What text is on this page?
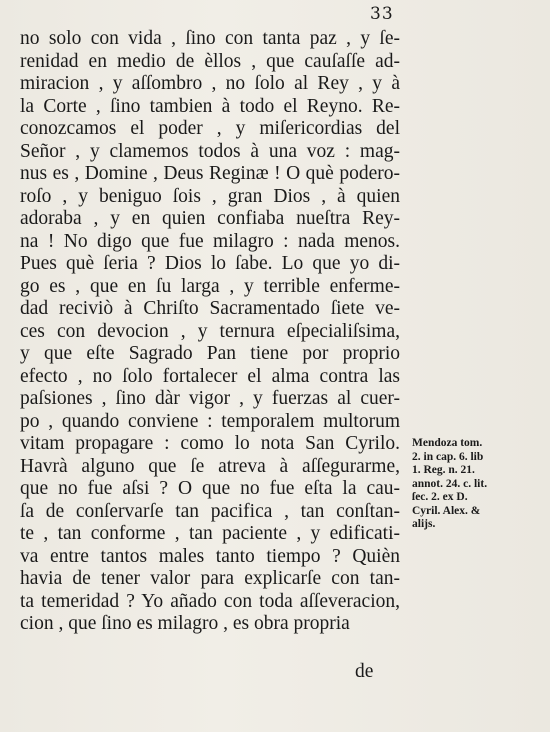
33
no solo con vida , ſino con tanta paz , y ſe-
renidad en medio de èllos , que cauſaſſe ad-
miracion , y aſſombro , no ſolo al Rey , y à
la Corte , ſino tambien à todo el Reyno. Re-
conozcamos el poder , y miſericordias del
Señor , y clamemos todos à una voz : mag-
nus es , Domine , Deus Reginæ ! O què podero-
roſo , y beniguo ſois , gran Dios , à quien
adoraba , y en quien confiaba nueſtra Rey-
na ! No digo que fue milagro : nada menos.
Pues què ſeria ? Dios lo ſabe. Lo que yo di-
go es , que en ſu larga , y terrible enferme-
dad reciviò à Chriſto Sacramentado ſiete ve-
ces con devocion , y ternura eſpecialiſsima,
y que eſte Sagrado Pan tiene por proprio
efecto , no ſolo fortalecer el alma contra las
paſsiones , ſino dàr vigor , y fuerzas al cuer-
po , quando conviene : temporalem multorum
vitam propagare : como lo nota San Cyrilo.
Havrà alguno que ſe atreva à aſſegurarme,
que no fue aſsi ? O que no fue eſta la cau-
ſa de conſervarſe tan pacifica , tan conſtan-
te , tan conforme , tan paciente , y edificati-
va entre tantos males tanto tiempo ? Quièn
havia de tener valor para explicarſe con tan-
ta temeridad ? Yo añado con toda aſſeveracion,
cion , que ſino es milagro , es obra propria
Mendoza tom.
2. in cap. 6. lib
1. Reg. n. 21.
annot. 24. c. lit.
ſec. 2. ex D.
Cyril. Alex. &
alijs.
de
